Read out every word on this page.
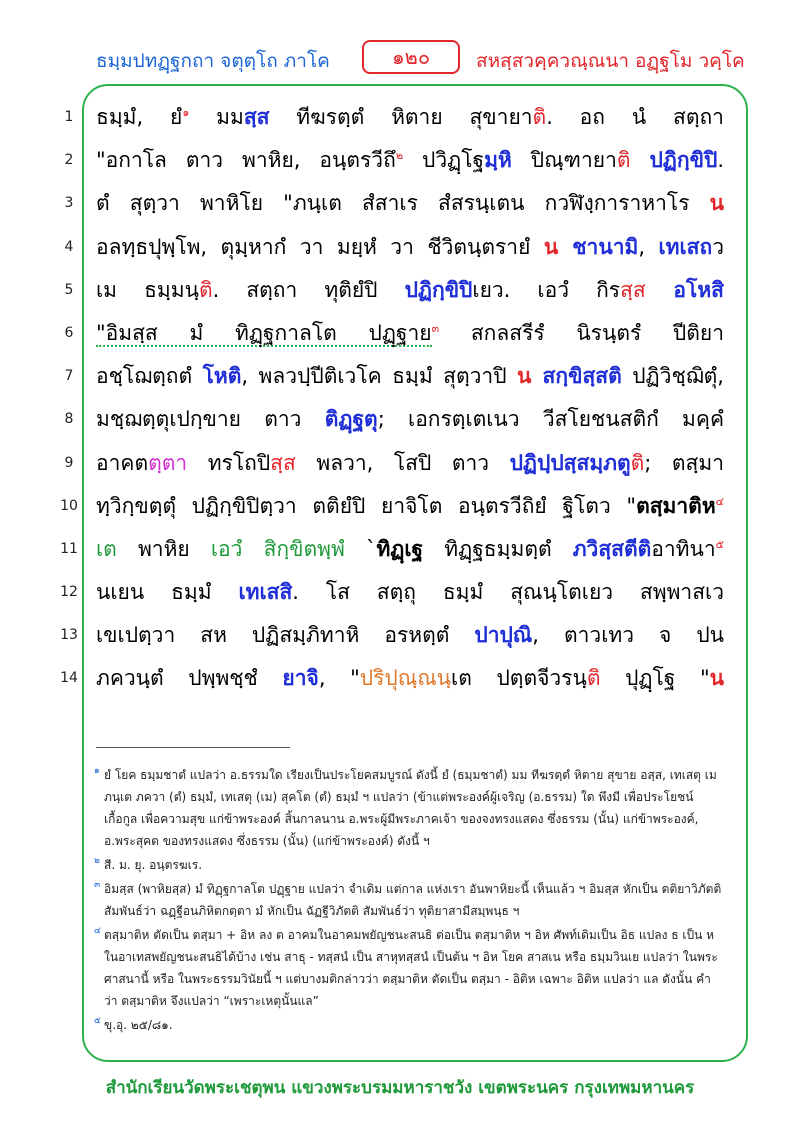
ธมฺมปทฏฺฐกถา จตุตฺโถ ภาโค	๑๒๐	สหสฺสวคฺควณฺณนา อฏฺฐโม วคฺโค
1	ธมฺมํ, ยํ$^๑$ มมสฺส ทีฆรตฺตํ หิตาย สุขายาติ. อถ นํ สตฺถา
2	"อกาโล ตาว พาหิย, อนฺตรวีถึ$^๒$ ปวิฏฺโฐมฺหิ ปิณฺฑายาติ ปฏิกฺขิปิ.
3	ตํ สุตฺวา พาหิโย "ภนฺเต สํสาเร สํสรนฺเตน กวฬิงฺการาหาโร น
4	อลทฺธปุพฺโพ, ตุมฺหากํ วา มยฺหํ วา ชีวิตนฺตรายํ น ชานามิ, เทเสถว
5	เม ธมฺมนฺติ. สตฺถา ทุติยํปิ ปฏิกฺขิปิเยว. เอวํ กิรสฺส อโหสิ
6	"อิมสฺส มํ ทิฏฺฐกาลโต ปฏฺฐาย$^๓$ สกลสรีรํ นิรนฺตรํ ปีติยา
7	อชฺโฌตฺถตํ โหติ, พลวปฺปีติเวโค ธมฺมํ สุตฺวาปิ น สกฺขิสฺสติ ปฏิวิชฺฌิตุํ,
8	มชฺฌตฺตุเปกฺขาย ตาว ติฏฺฐตุ; เอกรตฺเตเนว วีสโยชนสติกํ มคฺคํ
9	อาคตตฺตา ทรโถปิสฺส พลวา, โสปิ ตาว ปฏิปฺปสฺสมฺภตูติ; ตสฺมา
10 ทฺวิกฺขตฺตุํ ปฏิกฺขิปิตฺวา ตติยํปิ ยาจิโต อนฺตรวีถิยํ ฐิโตว "ตสฺมาติห$^๔$
11 เต พาหิย เอวํ สิกฺขิตพฺพํ `ทิฏฺเฐ ทิฏฺฐธมฺมตฺตํ ภวิสฺสตีติอาทินา$^๕$
12 นเยน ธมฺมํ เทเสสิ. โส สตฺถุ ธมฺมํ สุณนฺโตเยว สพฺพาสเว
13 เขเปตฺวา สห ปฏิสมฺภิทาหิ อรหตฺตํ ปาปุณิ, ตาวเทว จ ปน
14 ภควนฺตํ ปพฺพชฺชํ ยาจิ, "ปริปุณฺณนฺเต ปตฺตจีวรนฺติ ปุฏฺโฐ "น
๑ ยํ โยค ธมฺมชาตํ แปลว่า อ.ธรรมใด เรียงเป็นประโยคสมบูรณ์ ดังนี้ ยํ (ธมฺมชาตํ) มม ทีฆรตฺตํ หิตาย สุขาย อสฺส, เทเสตุ เม ภนฺเต ภควา (ตํ) ธมฺมํ, เทเสตุ (เม) สุคโต (ตํ) ธมฺมํ ฯ แปลว่า (ข้าแต่พระองค์ผู้เจริญ (อ.ธรรม) ใด พึงมี เพื่อประโยชน์เกื้อกูล เพื่อความสุข แก่ข้าพระองค์ สิ้นกาลนาน อ.พระผู้มีพระภาคเจ้า ของจงทรงแสดง ซึ่งธรรม (นั้น) แก่ข้าพระองค์, อ.พระสุคต ของทรงแสดง ซึ่งธรรม (นั้น) (แก่ข้าพระองค์) ดังนี้ ฯ
๒ สี. ม. ยุ. อนฺตรฆเร.
๓ อิมสฺส (พาหิยสฺส) มํ ทิฏฺฐกาลโต ปฏฺฐาย แปลว่า จำเดิม แต่กาล แห่งเรา อันพาหิยะนี้ เห็นแล้ว ฯ อิมสฺส หักเป็น ตติยาวิภัตติ สัมพันธ์ว่า ฉฏฺฐีอนภิหิตกตฺตา มํ หักเป็น ฉัฏฐีวิภัตติ สัมพันธ์ว่า ทุติยาสามีสมฺพนฺธ ฯ
๔ ตสฺมาติห ตัดเป็น ตสฺมา + อิห ลง ต อาคมในอาคมพยัญชนะสนธิ ต่อเป็น ตสฺมาติห ฯ อิห ศัพท์เดิมเป็น อิธ แปลง ธ เป็น ห ในอาเทสพยัญชนะสนธิได้บ้าง เช่น สาธุ - ทสฺสนํ เป็น สาหุทสฺสนํ เป็นต้น ฯ อิห โยค สาสเน หรือ ธมฺมวินเย แปลว่า ในพระศาสนานี้ หรือ ในพระธรรมวินัยนี้ ฯ แต่บางมติกล่าวว่า ตสฺมาติห ตัดเป็น ตสฺมา - อิติห เฉพาะ อิติห แปลว่า แล ดังนั้น คำว่า ตสฺมาติห จึงแปลว่า “เพราะเหตุนั้นแล”
๕ ขุ.อุ. ๒๕/๘๑.
สำนักเรียนวัดพระเชตุพน แขวงพระบรมมหาราชวัง เขตพระนคร กรุงเทพมหานคร
